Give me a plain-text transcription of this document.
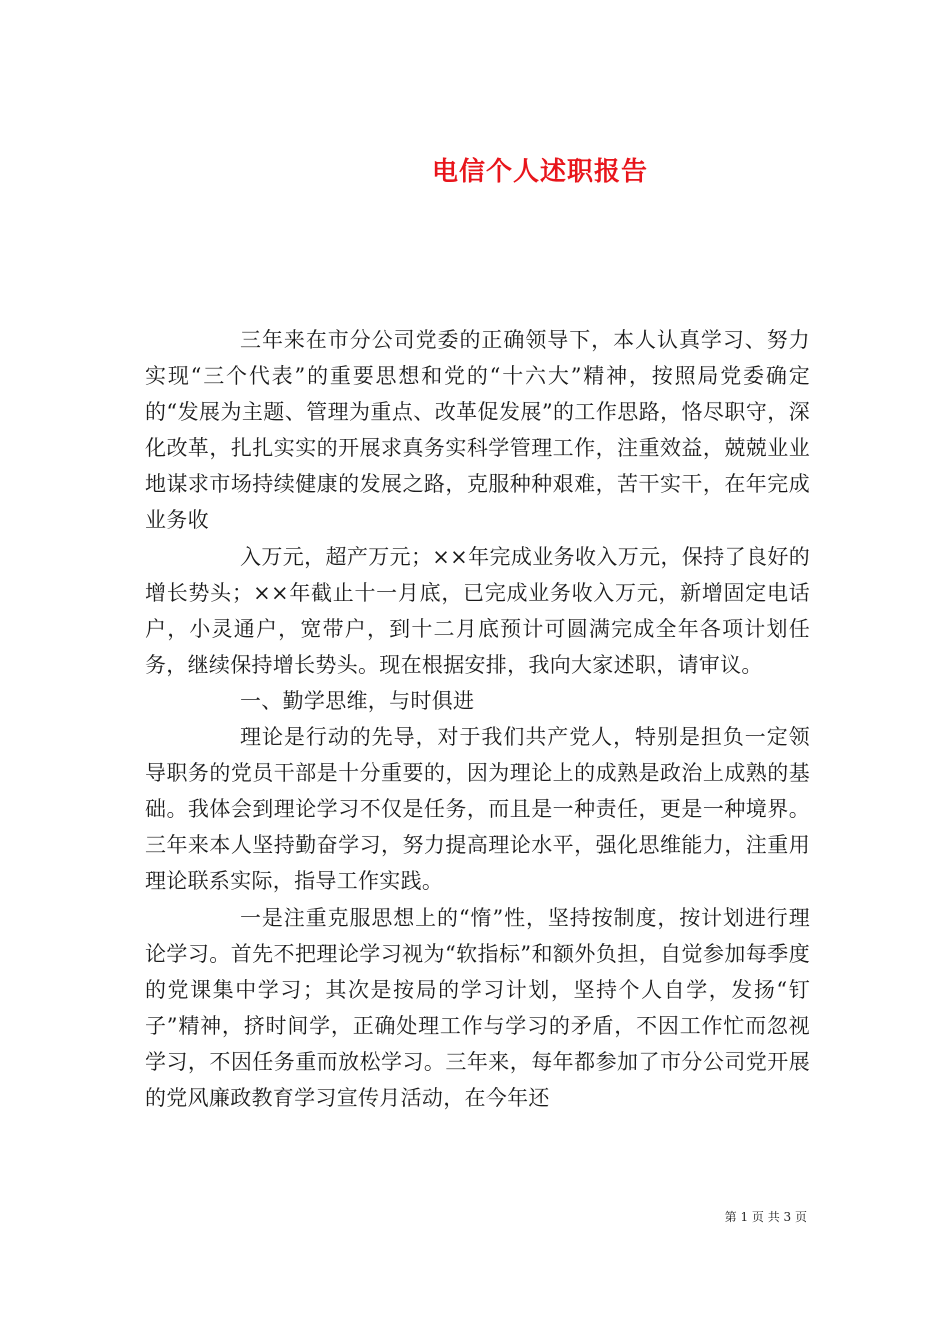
电信个人述职报告

三年来在市分公司党委的正确领导下，本人认真学习、努力实现“三个代表”的重要思想和党的“十六大”精神，按照局党委确定的“发展为主题、管理为重点、改革促发展”的工作思路，恪尽职守，深化改革，扎扎实实的开展求真务实科学管理工作，注重效益，兢兢业业地谋求市场持续健康的发展之路，克服种种艰难，苦干实干，在年完成业务收

入万元，超产万元；××年完成业务收入万元，保持了良好的增长势头；××年截止十一月底，已完成业务收入万元，新增固定电话户，小灵通户，宽带户，到十二月底预计可圆满完成全年各项计划任务，继续保持增长势头。现在根据安排，我向大家述职，请审议。

一、勤学思维，与时俱进

理论是行动的先导，对于我们共产党人，特别是担负一定领导职务的党员干部是十分重要的，因为理论上的成熟是政治上成熟的基础。我体会到理论学习不仅是任务，而且是一种责任，更是一种境界。三年来本人坚持勤奋学习，努力提高理论水平，强化思维能力，注重用理论联系实际，指导工作实践。

一是注重克服思想上的“惰”性，坚持按制度，按计划进行理论学习。首先不把理论学习视为“软指标”和额外负担，自觉参加每季度的党课集中学习；其次是按局的学习计划，坚持个人自学，发扬“钉子”精神，挤时间学，正确处理工作与学习的矛盾，不因工作忙而忽视学习，不因任务重而放松学习。三年来，每年都参加了市分公司党开展的党风廉政教育学习宣传月活动，在今年还

第 1 页 共 3 页
